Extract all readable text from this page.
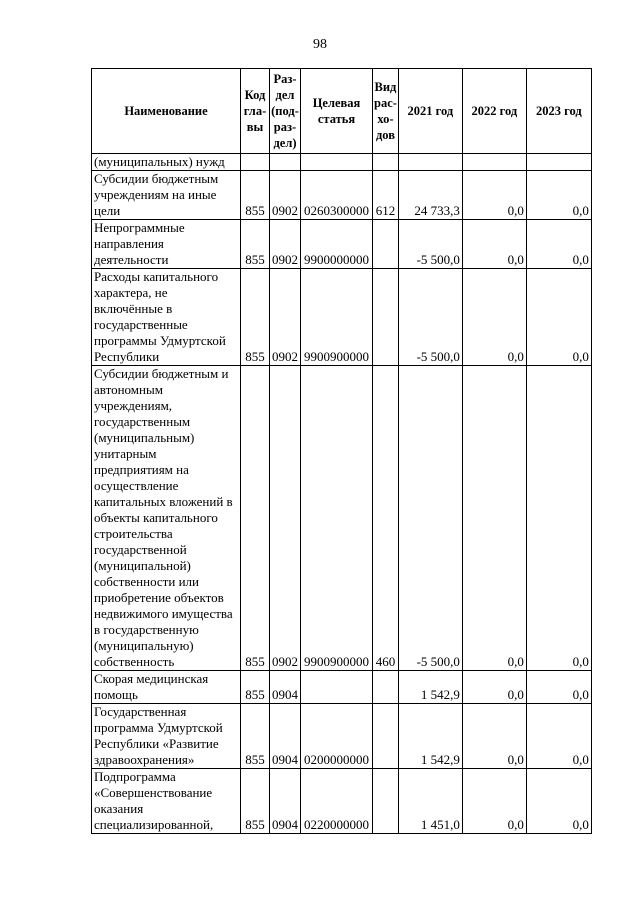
98
Наименование	Код гла-вы	Раз-дел (под-раз-дел)	Целевая статья	Вид рас-хо-дов	2021 год	2022 год	2023 год
(муниципальных) нужд							
Субсидии бюджетным учреждениям на иные цели	855	0902	0260300000	612	24 733,3	0,0	0,0
Непрограммные направления деятельности	855	0902	9900000000		-5 500,0	0,0	0,0
Расходы капитального характера, не включённые в государственные программы Удмуртской Республики	855	0902	9900900000		-5 500,0	0,0	0,0
Субсидии бюджетным и автономным учреждениям, государственным (муниципальным) унитарным предприятиям на осуществление капитальных вложений в объекты капитального строительства государственной (муниципальной) собственности или приобретение объектов недвижимого имущества в государственную (муниципальную) собственность	855	0902	9900900000	460	-5 500,0	0,0	0,0
Скорая медицинская помощь	855	0904			1 542,9	0,0	0,0
Государственная программа Удмуртской Республики «Развитие здравоохранения»	855	0904	0200000000		1 542,9	0,0	0,0
Подпрограмма «Совершенствование оказания специализированной,	855	0904	0220000000		1 451,0	0,0	0,0
